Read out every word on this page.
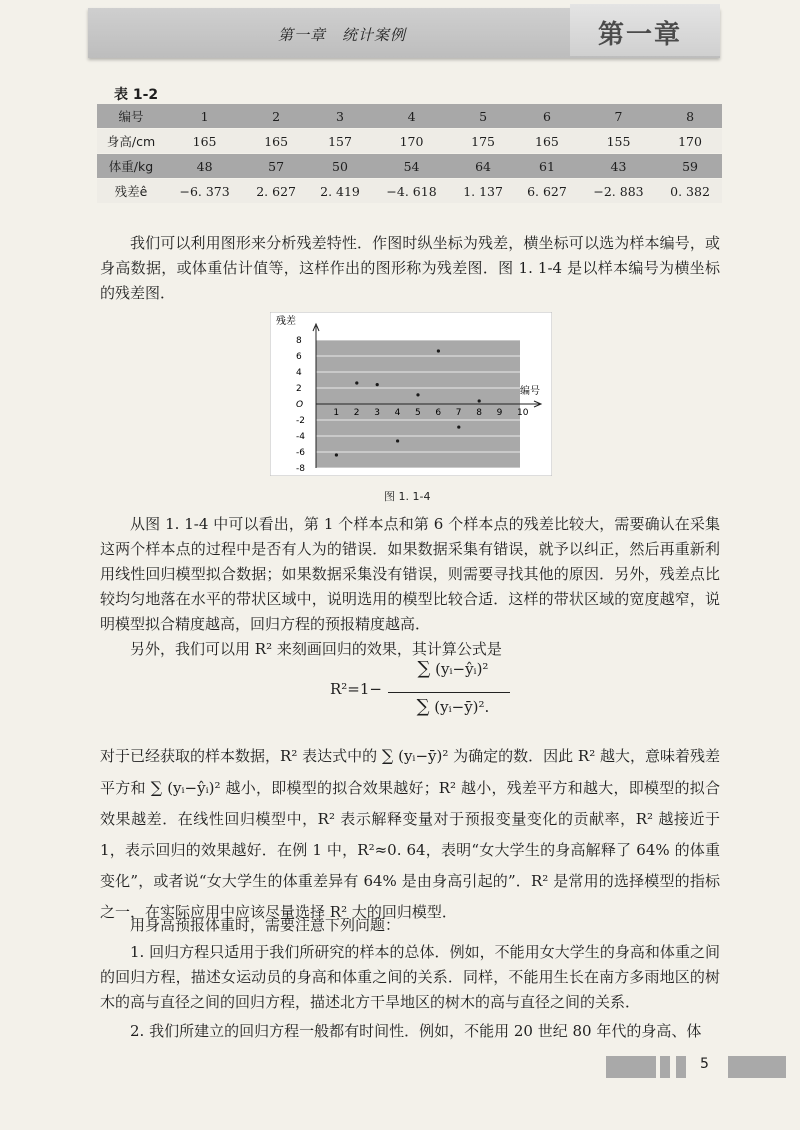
第一章　统计案例	第一章
表 1-2
编号	1	2	3	4	5	6	7	8
身高/cm	165	165	157	170	175	165	155	170
体重/kg	48	57	50	54	64	61	43	59
残差ê	−6. 373	2. 627	2. 419	−4. 618	1. 137	6. 627	−2. 883	0. 382

我们可以利用图形来分析残差特性．作图时纵坐标为残差，横坐标可以选为样本编号，或身高数据，或体重估计值等，这样作出的图形称为残差图．图 1. 1-4 是以样本编号为横坐标的残差图．

8
6
4
2
O
-2
-4
-6
-8
1 2 3 4 5 6 7 8 9 10
残差
编号
图 1. 1-4

从图 1. 1-4 中可以看出，第 1 个样本点和第 6 个样本点的残差比较大，需要确认在采集这两个样本点的过程中是否有人为的错误．如果数据采集有错误，就予以纠正，然后再重新利用线性回归模型拟合数据；如果数据采集没有错误，则需要寻找其他的原因．另外，残差点比较均匀地落在水平的带状区域中，说明选用的模型比较合适．这样的带状区域的宽度越窄，说明模型拟合精度越高，回归方程的预报精度越高．

另外，我们可以用 R² 来刻画回归的效果，其计算公式是

R²=1−
∑ (yᵢ−ŷᵢ)²
∑ (yᵢ−ȳ)².

对于已经获取的样本数据，R² 表达式中的 ∑ (yᵢ−ȳ)² 为确定的数．因此 R² 越大，意味着残差平方和 ∑ (yᵢ−ŷᵢ)² 越小，即模型的拟合效果越好；R² 越小，残差平方和越大，即模型的拟合效果越差．在线性回归模型中，R² 表示解释变量对于预报变量变化的贡献率，R² 越接近于 1，表示回归的效果越好．在例 1 中，R²≈0. 64，表明“女大学生的身高解释了 64% 的体重变化”，或者说“女大学生的体重差异有 64% 是由身高引起的”．R² 是常用的选择模型的指标之一，在实际应用中应该尽量选择 R² 大的回归模型．

用身高预报体重时，需要注意下列问题：

1. 回归方程只适用于我们所研究的样本的总体．例如，不能用女大学生的身高和体重之间的回归方程，描述女运动员的身高和体重之间的关系．同样，不能用生长在南方多雨地区的树木的高与直径之间的回归方程，描述北方干旱地区的树木的高与直径之间的关系．

2. 我们所建立的回归方程一般都有时间性．例如，不能用 20 世纪 80 年代的身高、体

5
